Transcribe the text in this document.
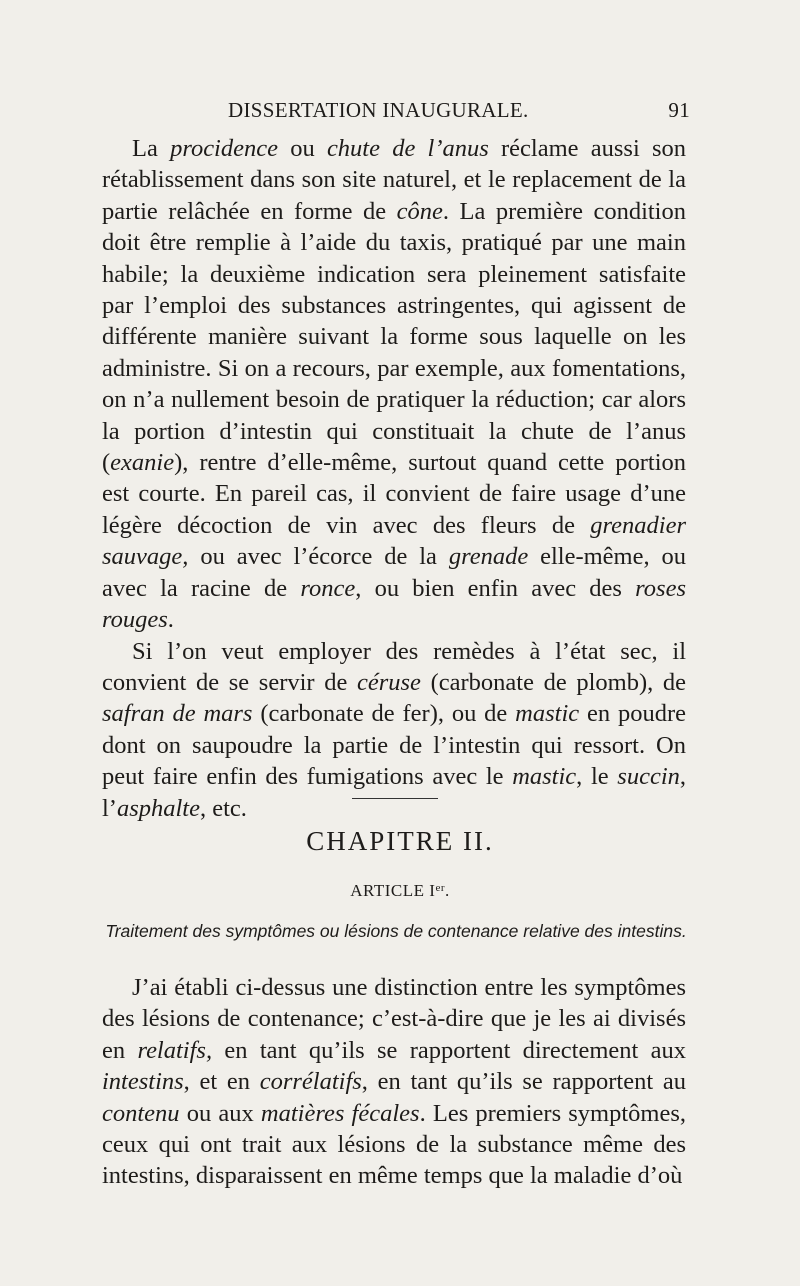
DISSERTATION INAUGURALE.	91

La procidence ou chute de l’anus réclame aussi son rétablissement dans son site naturel, et le replacement de la partie relâchée en forme de cône. La première condition doit être remplie à l’aide du taxis, pratiqué par une main habile; la deuxième indication sera pleinement satisfaite par l’emploi des substances astringentes, qui agissent de différente manière suivant la forme sous laquelle on les administre. Si on a recours, par exemple, aux fomentations, on n’a nullement besoin de pratiquer la réduction; car alors la portion d’intestin qui constituait la chute de l’anus (exanie), rentre d’elle-même, surtout quand cette portion est courte. En pareil cas, il convient de faire usage d’une légère décoction de vin avec des fleurs de grenadier sauvage, ou avec l’écorce de la grenade elle-même, ou avec la racine de ronce, ou bien enfin avec des roses rouges.

Si l’on veut employer des remèdes à l’état sec, il convient de se servir de céruse (carbonate de plomb), de safran de mars (carbonate de fer), ou de mastic en poudre dont on saupoudre la partie de l’intestin qui ressort. On peut faire enfin des fumigations avec le mastic, le succin, l’asphalte, etc.

CHAPITRE II.
ARTICLE Ier.
Traitement des symptômes ou lésions de contenance relative des intestins.

J’ai établi ci-dessus une distinction entre les symptômes des lésions de contenance; c’est-à-dire que je les ai divisés en relatifs, en tant qu’ils se rapportent directement aux intestins, et en corrélatifs, en tant qu’ils se rapportent au contenu ou aux matières fécales. Les premiers symptômes, ceux qui ont trait aux lésions de la substance même des intestins, disparaissent en même temps que la maladie d’où
